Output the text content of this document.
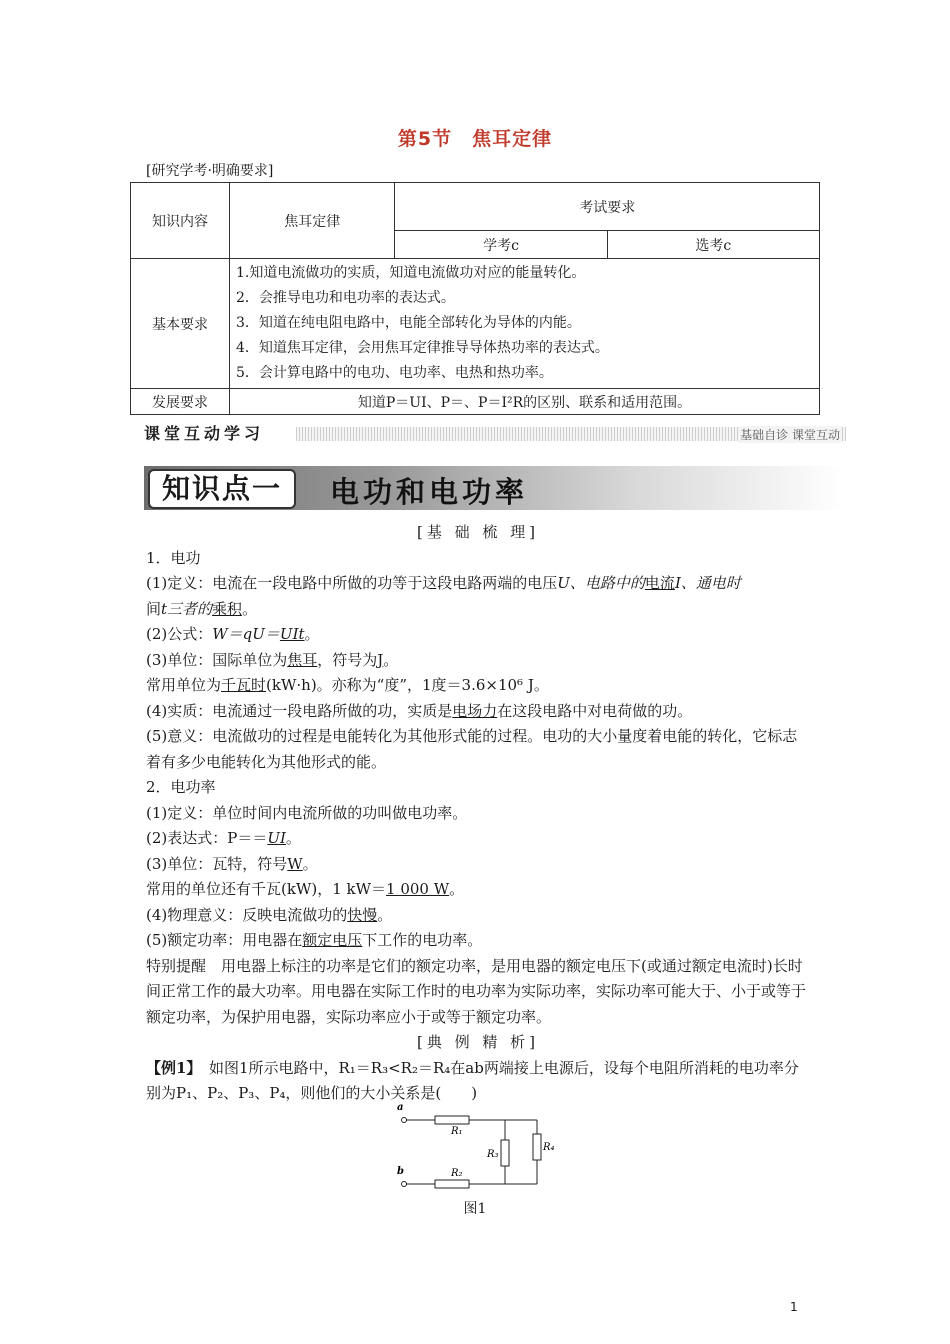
第5节　焦耳定律
[研究学考·明确要求]
知识内容	焦耳定律	考试要求	
		学考c	选考c
基本要求	1.知道电流做功的实质，知道电流做功对应的能量转化。
2．会推导电功和电功率的表达式。
3．知道在纯电阻电路中，电能全部转化为导体的内能。
4．知道焦耳定律，会用焦耳定律推导导体热功率的表达式。
5．会计算电路中的电功、电功率、电热和热功率。		

发展要求	知道P＝UI、P＝、P＝I²R的区别、联系和适用范围。		
课堂互动学习	基础自诊 课堂互动
知识点一	电功和电功率
[基 础 梳 理]
1．电功
(1)定义：电流在一段电路中所做的功等于这段电路两端的电压U、电路中的电流I、通电时
间t三者的乘积。
(2)公式：W＝qU＝UIt。
(3)单位：国际单位为焦耳，符号为J。
常用单位为千瓦时(kW·h)。亦称为“度”，1度＝3.6×10⁶ J。
(4)实质：电流通过一段电路所做的功，实质是电场力在这段电路中对电荷做的功。
(5)意义：电流做功的过程是电能转化为其他形式能的过程。电功的大小量度着电能的转化，它标志着有多少电能转化为其他形式的能。
2．电功率
(1)定义：单位时间内电流所做的功叫做电功率。
(2)表达式：P＝＝UI。
(3)单位：瓦特，符号W。
常用的单位还有千瓦(kW)，1 kW＝1 000 W。
(4)物理意义：反映电流做功的快慢。
(5)额定功率：用电器在额定电压下工作的电功率。
特别提醒　用电器上标注的功率是它们的额定功率，是用电器的额定电压下(或通过额定电流时)长时间正常工作的最大功率。用电器在实际工作时的电功率为实际功率，实际功率可能大于、小于或等于额定功率，为保护用电器，实际功率应小于或等于额定功率。
[典 例 精 析]
【例1】　 如图1所示电路中，R₁＝R₃<R₂＝R₄在ab两端接上电源后，设每个电阻所消耗的电功率分别为P₁、P₂、P₃、P₄，则他们的大小关系是(　　)
a
R₁
R₃
R₄
b	R₂
图1
1
